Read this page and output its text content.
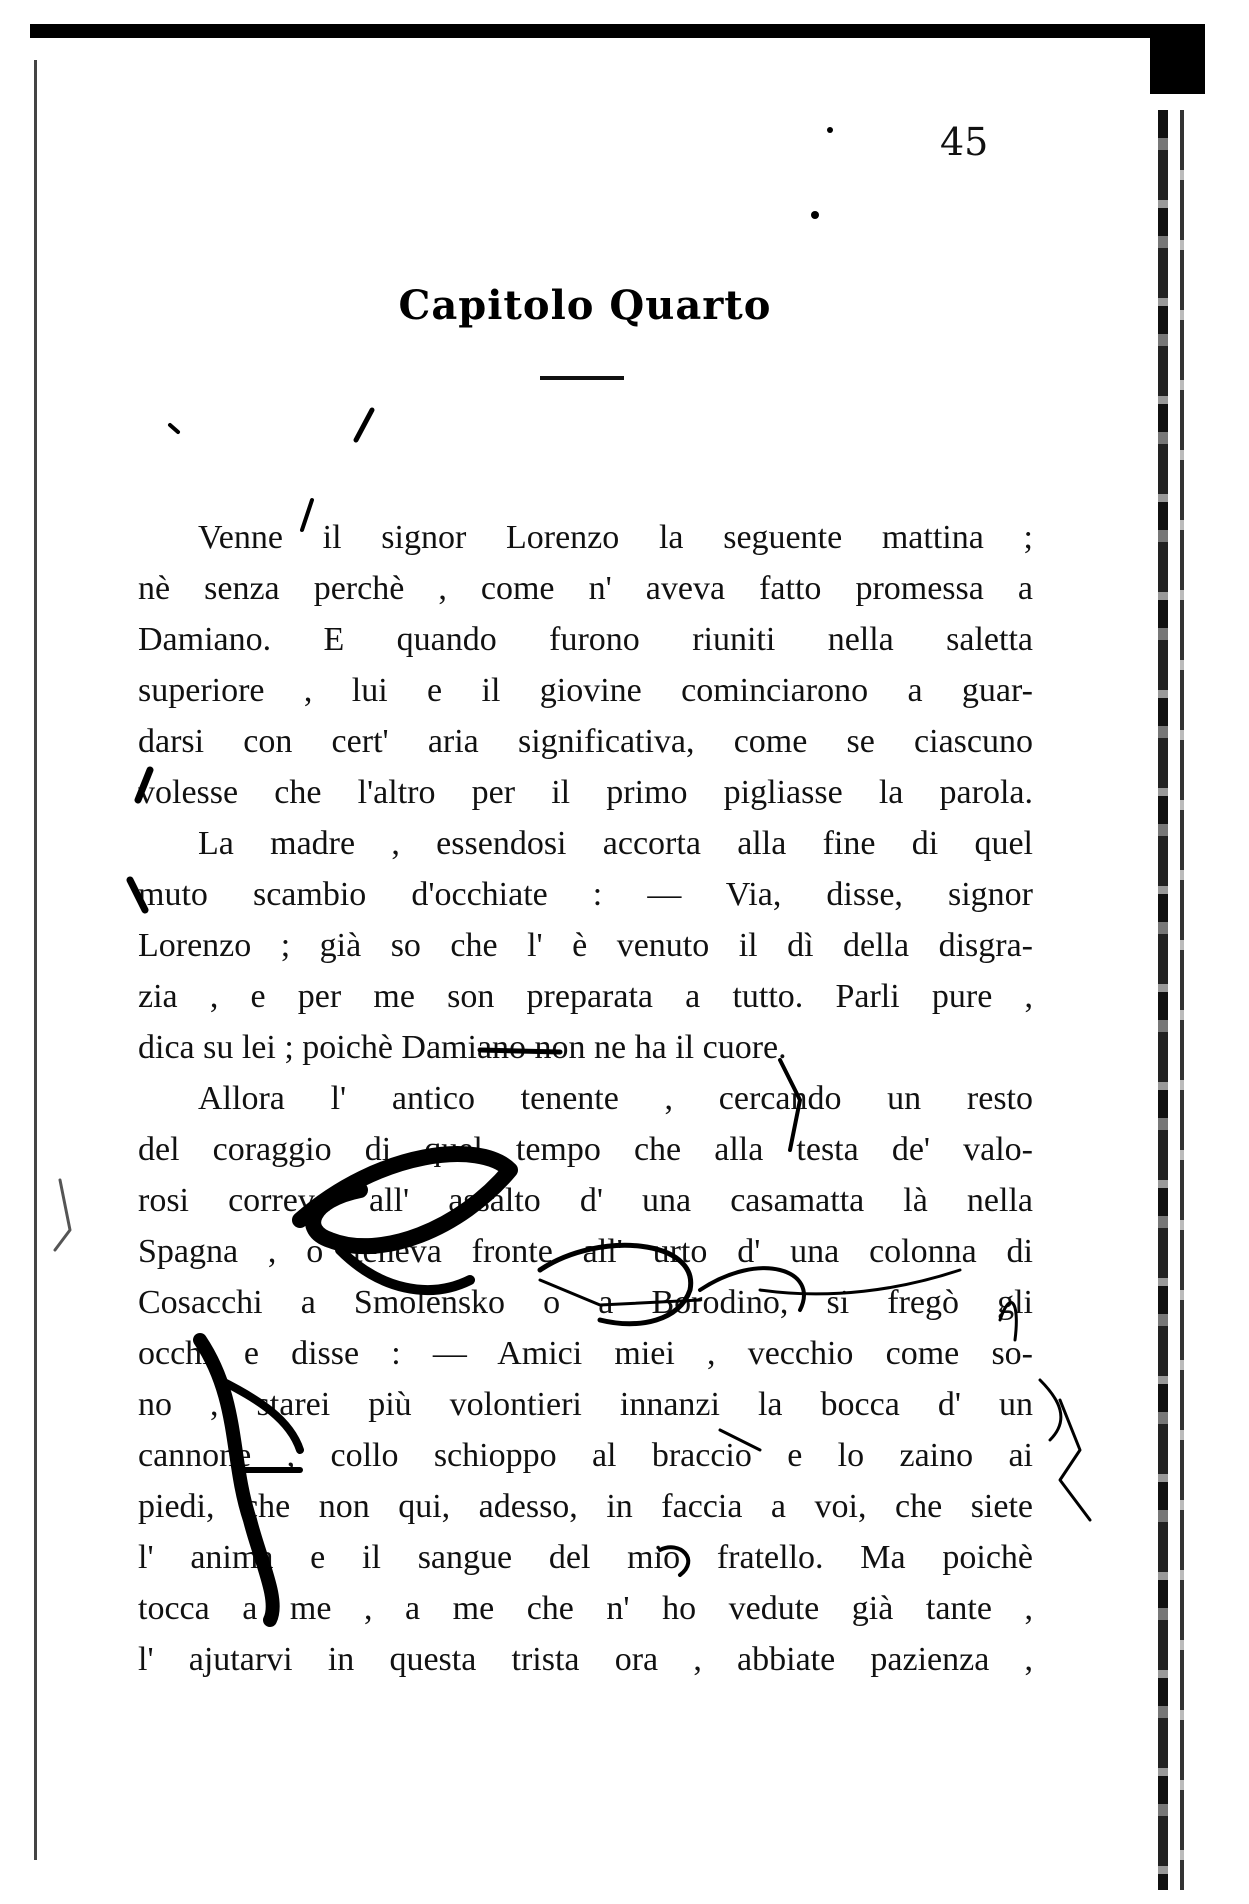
45
Capitolo Quarto
Venne il signor Lorenzo la seguente mattina ;
nè senza perchè , come n' aveva fatto promessa a
Damiano. E quando furono riuniti nella saletta
superiore , lui e il giovine cominciarono a guar-
darsi con cert' aria significativa, come se ciascuno
volesse che l'altro per il primo pigliasse la parola.
La madre , essendosi accorta alla fine di quel
muto scambio d'occhiate : — Via, disse, signor
Lorenzo ; già so che l' è venuto il dì della disgra-
zia , e per me son preparata a tutto. Parli pure ,
dica su lei ; poichè Damiano non ne ha il cuore.
Allora l' antico tenente , cercando un resto
del coraggio di quel tempo che alla testa de' valo-
rosi correva all' assalto d' una casamatta là nella
Spagna , o teneva fronte all' urto d' una colonna di
Cosacchi a Smolensko o a Borodino, si fregò gli
occhi e disse : — Amici miei , vecchio come so-
no , starei più volontieri innanzi la bocca d' un
cannone , collo schioppo al braccio e lo zaino ai
piedi, che non qui, adesso, in faccia a voi, che siete
l' anima e il sangue del mio fratello. Ma poichè
tocca a me , a me che n' ho vedute già tante ,
l' ajutarvi in questa trista ora , abbiate pazienza ,
